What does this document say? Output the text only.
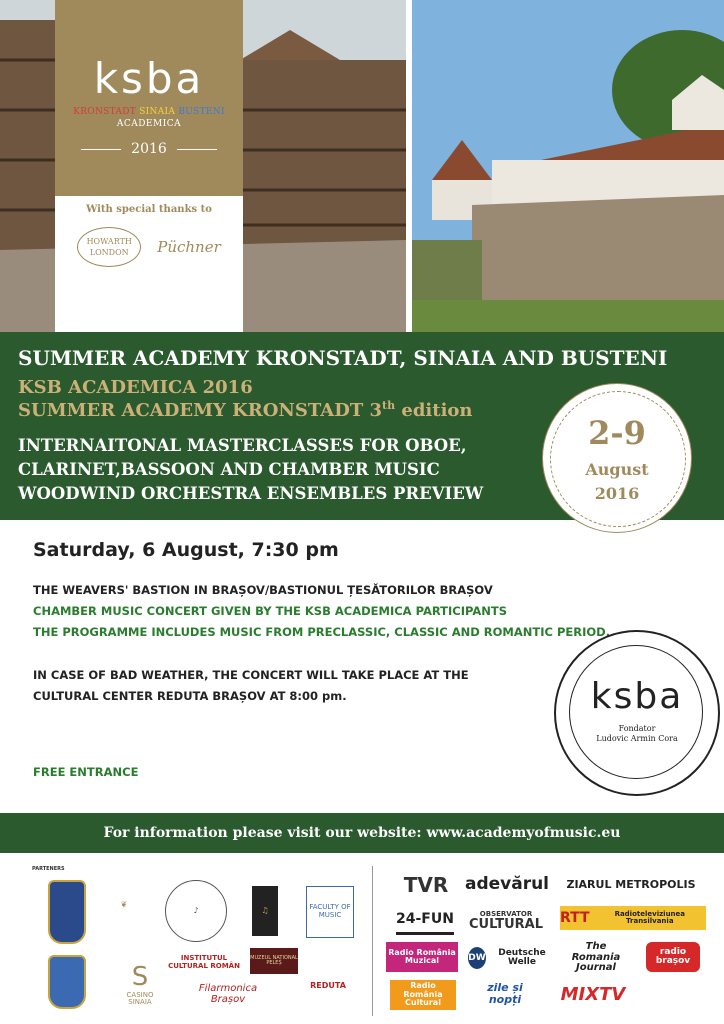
ksba
KRONSTADT SINAIA BUSTENI
ACADEMICA
2016
With special thanks to
HOWARTH
LONDON Püchner
SUMMER ACADEMY KRONSTADT, SINAIA AND BUSTENI
KSB ACADEMICA 2016
SUMMER ACADEMY KRONSTADT 3th edition
INTERNAITONAL MASTERCLASSES FOR OBOE,
CLARINET,BASSOON AND CHAMBER MUSIC
WOODWIND ORCHESTRA ENSEMBLES PREVIEW
2-9
August
2016
Saturday, 6 August, 7:30 pm
THE WEAVERS' BASTION IN BRAȘOV/BASTIONUL ȚESĂTORILOR BRAȘOV
CHAMBER MUSIC CONCERT GIVEN BY THE KSB ACADEMICA PARTICIPANTS
THE PROGRAMME INCLUDES MUSIC FROM PRECLASSIC, CLASSIC AND ROMANTIC PERIOD.
IN CASE OF BAD WEATHER, THE CONCERT WILL TAKE PLACE AT THE
CULTURAL CENTER REDUTA BRAȘOV AT 8:00 pm.
FREE ENTRANCE
ksba
Fondator
Ludovic Armin Cora
For information please visit our website: www.academyofmusic.eu
PARTENERS
❦
♪	♫	FACULTY OF MUSIC
S
CASINO SINAIA
INSTITUTUL CULTURAL ROMÂN
MUZEUL NAȚIONAL PELEȘ
Filarmonica Brașov
REDUTA
TVR adevărul	ZIARUL METROPOLIS
24-FUN	OBSERVATOR
CULTURAL RTT	Radioteleviziunea Transilvania
Radio România Muzical	DW
Deutsche Welle
The Romania Journal
radio brașov
Radio România Cultural
zile și nopți	MIXTV
